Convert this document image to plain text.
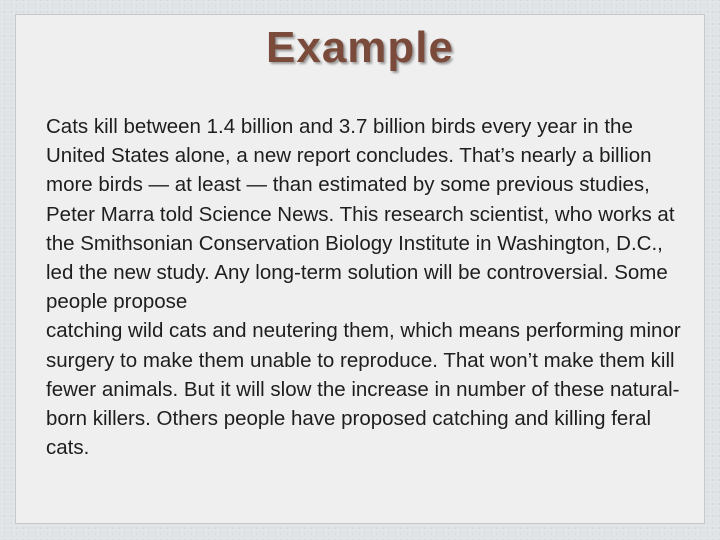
Example

Cats kill between 1.4 billion and 3.7 billion birds every year in the United States alone, a new report concludes. That’s nearly a billion more birds — at least — than estimated by some previous studies, Peter Marra told Science News. This research scientist, who works at the Smithsonian Conservation Biology Institute in Washington, D.C., led the new study. Any long-term solution will be controversial. Some people propose

catching wild cats and neutering them, which means performing minor surgery to make them unable to reproduce. That won’t make them kill fewer animals. But it will slow the increase in number of these natural-born killers. Others people have proposed catching and killing feral cats.
